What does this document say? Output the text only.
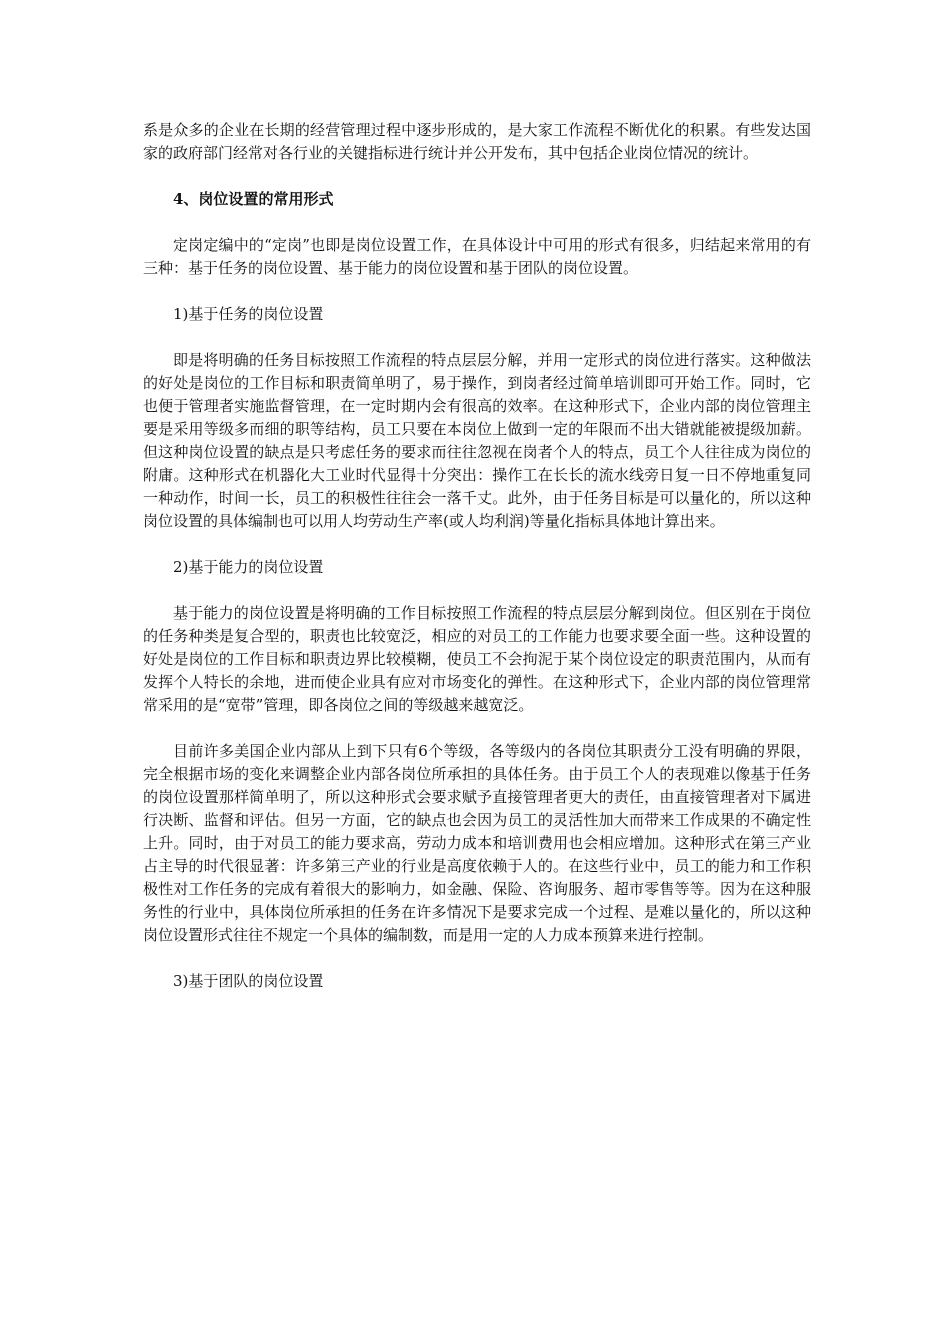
系是众多的企业在长期的经营管理过程中逐步形成的，是大家工作流程不断优化的积累。有些发达国家的政府部门经常对各行业的关键指标进行统计并公开发布，其中包括企业岗位情况的统计。

4、岗位设置的常用形式

定岗定编中的“定岗”也即是岗位设置工作，在具体设计中可用的形式有很多，归结起来常用的有三种：基于任务的岗位设置、基于能力的岗位设置和基于团队的岗位设置。

1)基于任务的岗位设置

即是将明确的任务目标按照工作流程的特点层层分解，并用一定形式的岗位进行落实。这种做法的好处是岗位的工作目标和职责简单明了，易于操作，到岗者经过简单培训即可开始工作。同时，它也便于管理者实施监督管理，在一定时期内会有很高的效率。在这种形式下，企业内部的岗位管理主要是采用等级多而细的职等结构，员工只要在本岗位上做到一定的年限而不出大错就能被提级加薪。但这种岗位设置的缺点是只考虑任务的要求而往往忽视在岗者个人的特点，员工个人往往成为岗位的附庸。这种形式在机器化大工业时代显得十分突出：操作工在长长的流水线旁日复一日不停地重复同一种动作，时间一长，员工的积极性往往会一落千丈。此外，由于任务目标是可以量化的，所以这种岗位设置的具体编制也可以用人均劳动生产率(或人均利润)等量化指标具体地计算出来。

2)基于能力的岗位设置

基于能力的岗位设置是将明确的工作目标按照工作流程的特点层层分解到岗位。但区别在于岗位的任务种类是复合型的，职责也比较宽泛，相应的对员工的工作能力也要求要全面一些。这种设置的好处是岗位的工作目标和职责边界比较模糊，使员工不会拘泥于某个岗位设定的职责范围内，从而有发挥个人特长的余地，进而使企业具有应对市场变化的弹性。在这种形式下，企业内部的岗位管理常常采用的是“宽带”管理，即各岗位之间的等级越来越宽泛。

目前许多美国企业内部从上到下只有6个等级，各等级内的各岗位其职责分工没有明确的界限，完全根据市场的变化来调整企业内部各岗位所承担的具体任务。由于员工个人的表现难以像基于任务的岗位设置那样简单明了，所以这种形式会要求赋予直接管理者更大的责任，由直接管理者对下属进行决断、监督和评估。但另一方面，它的缺点也会因为员工的灵活性加大而带来工作成果的不确定性上升。同时，由于对员工的能力要求高，劳动力成本和培训费用也会相应增加。这种形式在第三产业占主导的时代很显著：许多第三产业的行业是高度依赖于人的。在这些行业中，员工的能力和工作积极性对工作任务的完成有着很大的影响力，如金融、保险、咨询服务、超市零售等等。因为在这种服务性的行业中，具体岗位所承担的任务在许多情况下是要求完成一个过程、是难以量化的，所以这种岗位设置形式往往不规定一个具体的编制数，而是用一定的人力成本预算来进行控制。

3)基于团队的岗位设置
